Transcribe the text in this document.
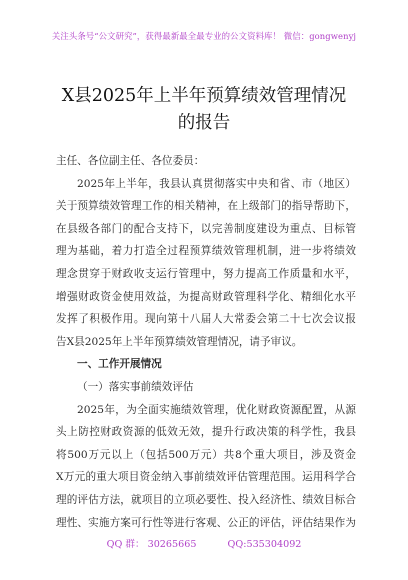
关注头条号“公文研究”，获得最新最全最专业的公文资料库！ 微信：gongwenyj
X县2025年上半年预算绩效管理情况
的报告
主任、各位副主任、各位委员：
2025年上半年，我县认真贯彻落实中央和省、市（地区）
关于预算绩效管理工作的相关精神，在上级部门的指导帮助下，
在县级各部门的配合支持下，以完善制度建设为重点、目标管
理为基础，着力打造全过程预算绩效管理机制，进一步将绩效
理念贯穿于财政收支运行管理中，努力提高工作质量和水平，
增强财政资金使用效益，为提高财政管理科学化、精细化水平
发挥了积极作用。现向第十八届人大常委会第二十七次会议报
告X县2025年上半年预算绩效管理情况，请予审议。
一、工作开展情况
（一）落实事前绩效评估
2025年，为全面实施绩效管理，优化财政资源配置，从源
头上防控财政资源的低效无效，提升行政决策的科学性，我县
将500万元以上（包括500万元）共8个重大项目，涉及资金
X万元的重大项目资金纳入事前绩效评估管理范围。运用科学合
理的评估方法，就项目的立项必要性、投入经济性、绩效目标合
理性、实施方案可行性等进行客观、公正的评估，评估结果作为
QQ 群： 30265665	QQ:535304092
